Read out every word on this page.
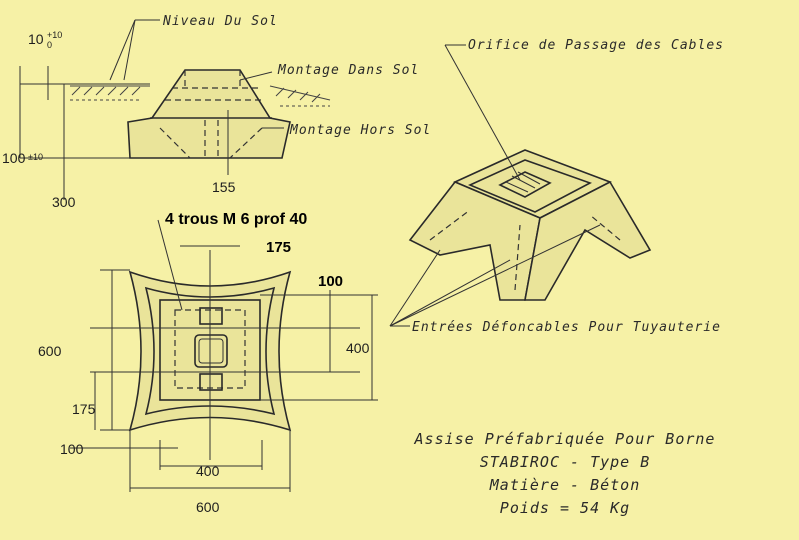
Niveau Du Sol
Montage Dans Sol
Montage Hors Sol
10 +10
0
100 ±10
300
155
4 trous M 6 prof 40
175
100
600	400
175
100
400
600
Orifice de Passage des Cables
Entrées Défoncables Pour Tuyauterie
Assise Préfabriquée Pour Borne
STABIROC - Type B
Matière - Béton
Poids = 54 Kg
